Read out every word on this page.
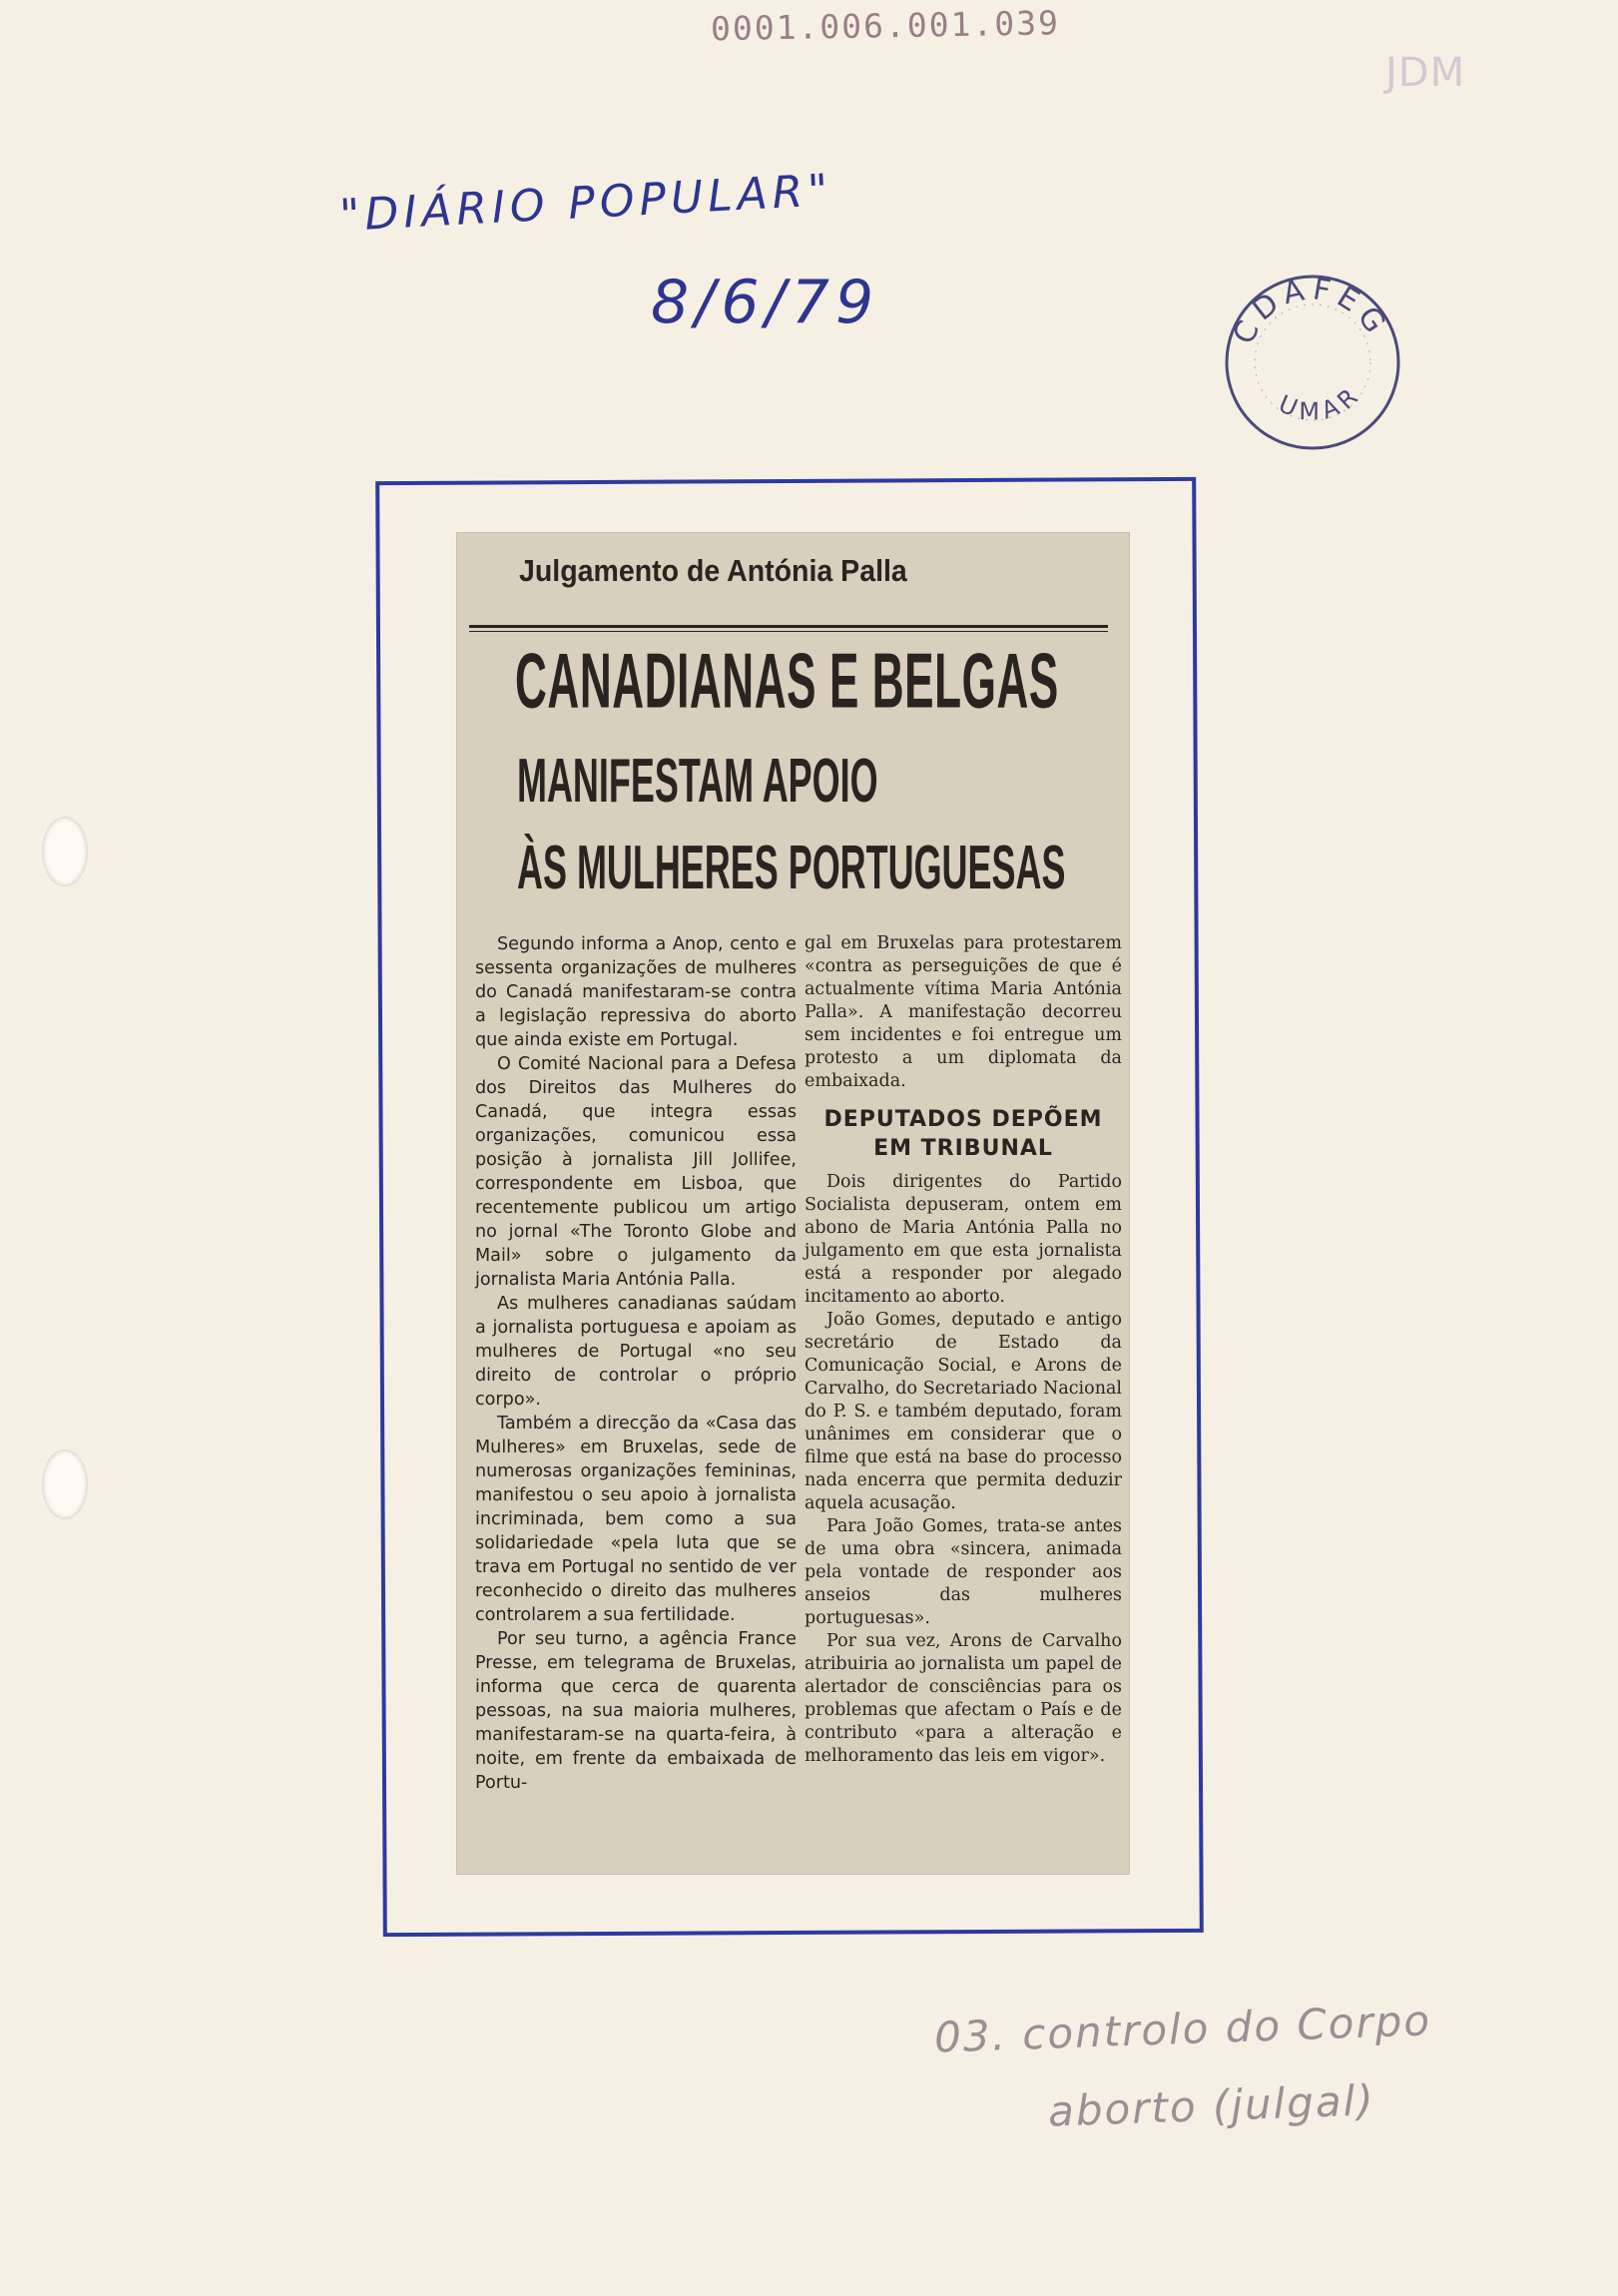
0001.006.001.039
JDM
"DIÁRIO POPULAR"
8/6/79	CDAFEG
UMAR
Julgamento de Antónia Palla
CANADIANAS E BELGAS
MANIFESTAM APOIO
ÀS MULHERES PORTUGUESAS

Segundo informa a Anop, cento e sessenta organizações de mulheres do Canadá manifestaram-se contra a legislação repressiva do aborto que ainda existe em Portugal.

O Comité Nacional para a Defesa dos Direitos das Mulheres do Canadá, que integra essas organizações, comunicou essa posição à jornalista Jill Jollifee, correspondente em Lisboa, que recentemente publicou um artigo no jornal «The Toronto Globe and Mail» sobre o julgamento da jornalista Maria Antónia Palla.

As mulheres canadianas saúdam a jornalista portuguesa e apoiam as mulheres de Portugal «no seu direito de controlar o próprio corpo».

Também a direcção da «Casa das Mulheres» em Bruxelas, sede de numerosas organizações femininas, manifestou o seu apoio à jornalista incriminada, bem como a sua solidariedade «pela luta que se trava em Portugal no sentido de ver reconhecido o direito das mulheres controlarem a sua fertilidade.

Por seu turno, a agência France Presse, em telegrama de Bruxelas, informa que cerca de quarenta pessoas, na sua maioria mulheres, manifestaram-se na quarta-feira, à noite, em frente da embaixada de Portu-

gal em Bruxelas para protestarem «contra as perseguições de que é actualmente vítima Maria Antónia Palla». A manifestação decorreu sem incidentes e foi entregue um protesto a um diplomata da embaixada.

DEPUTADOS DEPÕEM EM TRIBUNAL

Dois dirigentes do Partido Socialista depuseram, ontem em abono de Maria Antónia Palla no julgamento em que esta jornalista está a responder por alegado incitamento ao aborto.

João Gomes, deputado e antigo secretário de Estado da Comunicação Social, e Arons de Carvalho, do Secretariado Nacional do P. S. e também deputado, foram unânimes em considerar que o filme que está na base do processo nada encerra que permita deduzir aquela acusação.

Para João Gomes, trata-se antes de uma obra «sincera, animada pela vontade de responder aos anseios das mulheres portuguesas».

Por sua vez, Arons de Carvalho atribuiria ao jornalista um papel de alertador de consciências para os problemas que afectam o País e de contributo «para a alteração e melhoramento das leis em vigor».

03. controlo do Corpo
aborto (julgal)
